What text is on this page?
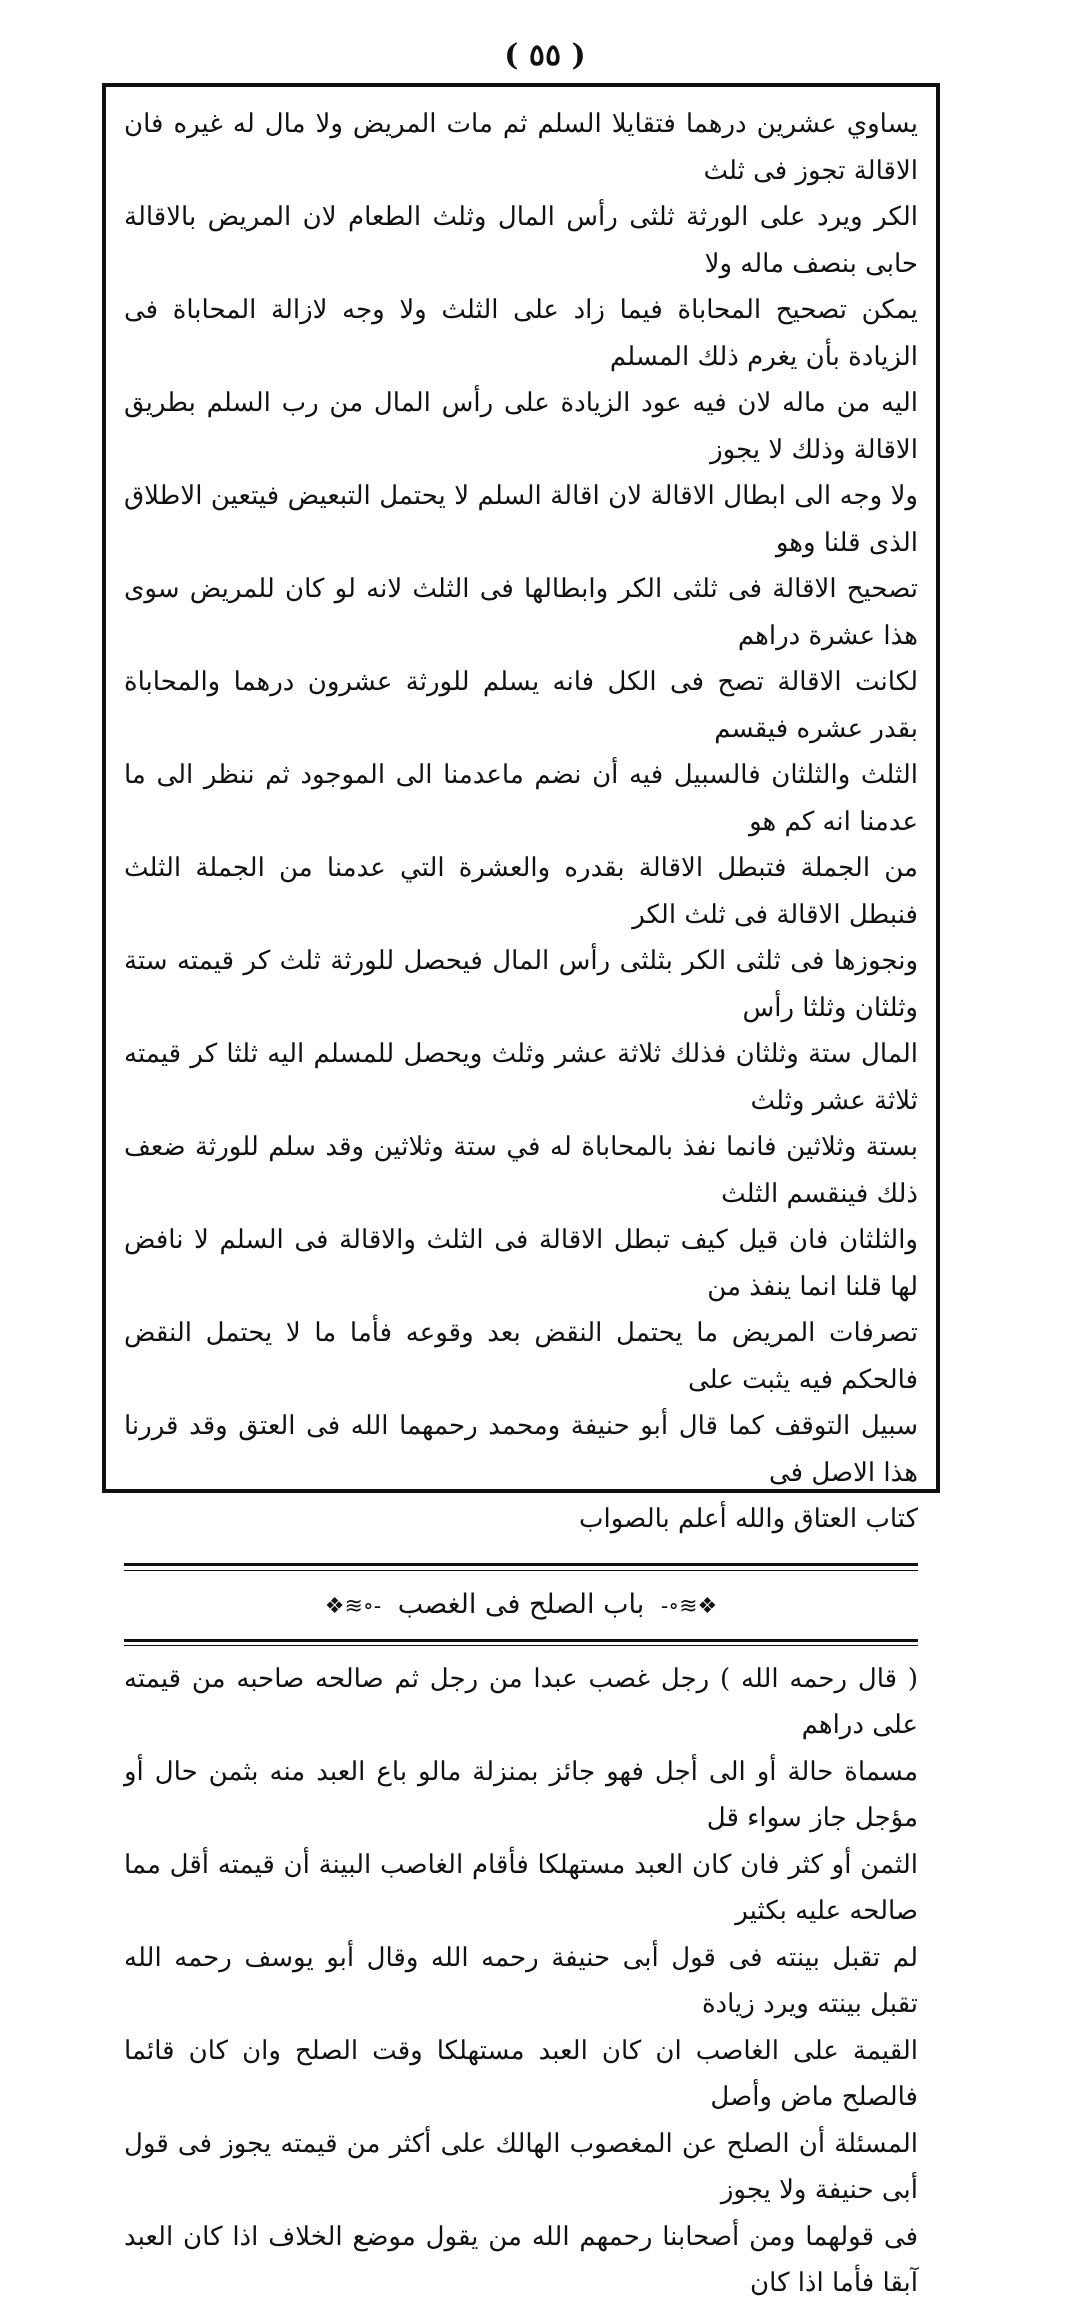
( ٥٥ )

يساوي عشرين درهما فتقايلا السلم ثم مات المريض ولا مال له غيره فان الاقالة تجوز فى ثلث

الكر ويرد على الورثة ثلثى رأس المال وثلث الطعام لان المريض بالاقالة حابى بنصف ماله ولا

يمكن تصحيح المحاباة فيما زاد على الثلث ولا وجه لازالة المحاباة فى الزيادة بأن يغرم ذلك المسلم

اليه من ماله لان فيه عود الزيادة على رأس المال من رب السلم بطريق الاقالة وذلك لا يجوز

ولا وجه الى ابطال الاقالة لان اقالة السلم لا يحتمل التبعيض فيتعين الاطلاق الذى قلنا وهو

تصحيح الاقالة فى ثلثى الكر وابطالها فى الثلث لانه لو كان للمريض سوى هذا عشرة دراهم

لكانت الاقالة تصح فى الكل فانه يسلم للورثة عشرون درهما والمحاباة بقدر عشره فيقسم

الثلث والثلثان فالسبيل فيه أن نضم ماعدمنا الى الموجود ثم ننظر الى ما عدمنا انه كم هو

من الجملة فتبطل الاقالة بقدره والعشرة التي عدمنا من الجملة الثلث فنبطل الاقالة فى ثلث الكر

ونجوزها فى ثلثى الكر بثلثى رأس المال فيحصل للورثة ثلث كر قيمته ستة وثلثان وثلثا رأس

المال ستة وثلثان فذلك ثلاثة عشر وثلث ويحصل للمسلم اليه ثلثا كر قيمته ثلاثة عشر وثلث

بستة وثلاثين فانما نفذ بالمحاباة له في ستة وثلاثين وقد سلم للورثة ضعف ذلك فينقسم الثلث

والثلثان فان قيل كيف تبطل الاقالة فى الثلث والاقالة فى السلم لا نافض لها قلنا انما ينفذ من

تصرفات المريض ما يحتمل النقض بعد وقوعه فأما ما لا يحتمل النقض فالحكم فيه يثبت على

سبيل التوقف كما قال أبو حنيفة ومحمد رحمهما الله فى العتق وقد قررنا هذا الاصل فى

كتاب العتاق والله أعلم بالصواب

❖≋∘- باب الصلح فى الغصب -∘≋❖

( قال رحمه الله ) رجل غصب عبدا من رجل ثم صالحه صاحبه من قيمته على دراهم

مسماة حالة أو الى أجل فهو جائز بمنزلة مالو باع العبد منه بثمن حال أو مؤجل جاز سواء قل

الثمن أو كثر فان كان العبد مستهلكا فأقام الغاصب البينة أن قيمته أقل مما صالحه عليه بكثير

لم تقبل بينته فى قول أبى حنيفة رحمه الله وقال أبو يوسف رحمه الله تقبل بينته ويرد زيادة

القيمة على الغاصب ان كان العبد مستهلكا وقت الصلح وان كان قائما فالصلح ماض وأصل

المسئلة أن الصلح عن المغصوب الهالك على أكثر من قيمته يجوز فى قول أبى حنيفة ولا يجوز

فى قولهما ومن أصحابنا رحمهم الله من يقول موضع الخلاف اذا كان العبد آبقا فأما اذا كان
